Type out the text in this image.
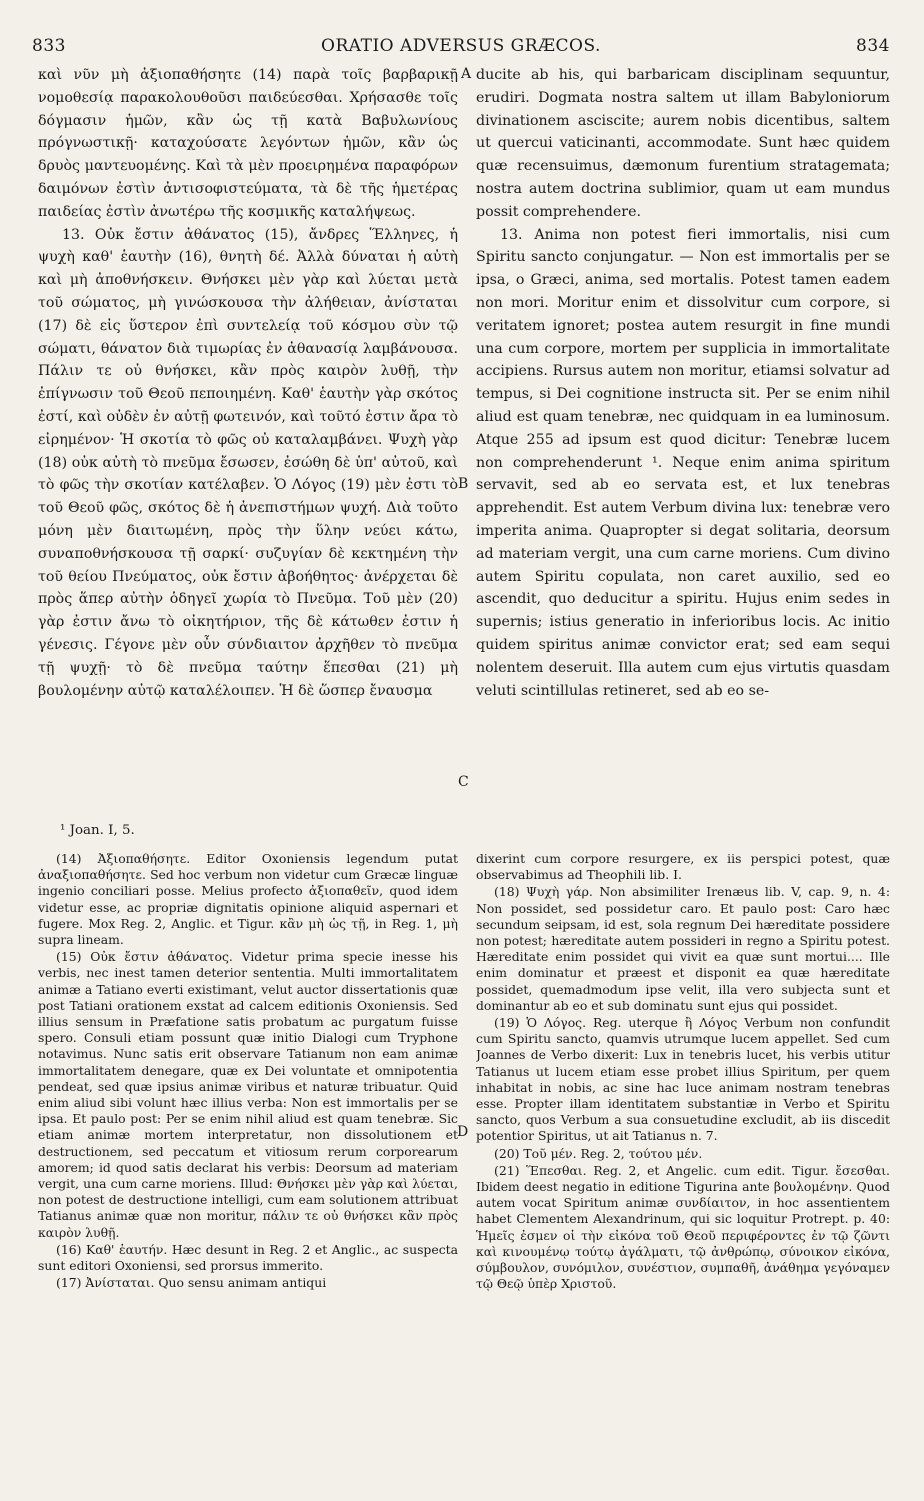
833	ORATIO ADVERSUS GRÆCOS.	834

καὶ νῦν μὴ ἀξιοπαθήσητε (14) παρὰ τοῖς βαρβαρικῇ νομοθεσίᾳ παρακολουθοῦσι παιδεύεσθαι. Χρήσασθε τοῖς δόγμασιν ἡμῶν, κἂν ὡς τῇ κατὰ Βαβυλωνίους πρόγνωστικῇ· καταχούσατε λεγόντων ἡμῶν, κἂν ὡς δρυὸς μαντευομένης. Καὶ τὰ μὲν προειρημένα παραφόρων δαιμόνων ἐστὶν ἀντισοφιστεύματα, τὰ δὲ τῆς ἡμετέρας παιδείας ἐστὶν ἀνωτέρω τῆς κοσμικῆς καταλήψεως.

13. Οὐκ ἔστιν ἀθάνατος (15), ἄνδρες Ἕλληνες, ἡ ψυχὴ καθ' ἑαυτὴν (16), θνητὴ δέ. Ἀλλὰ δύναται ἡ αὐτὴ καὶ μὴ ἀποθνήσκειν. Θνήσκει μὲν γὰρ καὶ λύεται μετὰ τοῦ σώματος, μὴ γινώσκουσα τὴν ἀλήθειαν, ἀνίσταται (17) δὲ εἰς ὕστερον ἐπὶ συντελείᾳ τοῦ κόσμου σὺν τῷ σώματι, θάνατον διὰ τιμωρίας ἐν ἀθανασίᾳ λαμβάνουσα. Πάλιν τε οὐ θνήσκει, κἂν πρὸς καιρὸν λυθῇ, τὴν ἐπίγνωσιν τοῦ Θεοῦ πεποιημένη. Καθ' ἑαυτὴν γὰρ σκότος ἐστί, καὶ οὐδὲν ἐν αὐτῇ φωτεινόν, καὶ τοῦτό ἐστιν ἄρα τὸ εἰρημένον· Ἡ σκοτία τὸ φῶς οὐ καταλαμβάνει. Ψυχὴ γὰρ (18) οὐκ αὐτὴ τὸ πνεῦμα ἔσωσεν, ἐσώθη δὲ ὑπ' αὐτοῦ, καὶ τὸ φῶς τὴν σκοτίαν κατέλαβεν. Ὁ Λόγος (19) μὲν ἐστι τὸ τοῦ Θεοῦ φῶς, σκότος δὲ ἡ ἀνεπιστήμων ψυχή. Διὰ τοῦτο μόνη μὲν διαιτωμένη, πρὸς τὴν ὕλην νεύει κάτω, συναποθνήσκουσα τῇ σαρκί· συζυγίαν δὲ κεκτημένη τὴν τοῦ θείου Πνεύματος, οὐκ ἔστιν ἀβοήθητος· ἀνέρχεται δὲ πρὸς ἅπερ αὐτὴν ὁδηγεῖ χωρία τὸ Πνεῦμα. Τοῦ μὲν (20) γὰρ ἐστιν ἄνω τὸ οἰκητήριον, τῆς δὲ κάτωθεν ἐστιν ἡ γένεσις. Γέγονε μὲν οὖν σύνδιαιτον ἀρχῆθεν τὸ πνεῦμα τῇ ψυχῇ· τὸ δὲ πνεῦμα ταύτην ἕπεσθαι (21) μὴ βουλομένην αὐτῷ καταλέλοιπεν. Ἡ δὲ ὥσπερ ἔναυσμα

ducite ab his, qui barbaricam disciplinam sequuntur, erudiri. Dogmata nostra saltem ut illam Babyloniorum divinationem asciscite; aurem nobis dicentibus, saltem ut quercui vaticinanti, accommodate. Sunt hæc quidem quæ recensuimus, dæmonum furentium stratagemata; nostra autem doctrina sublimior, quam ut eam mundus possit comprehendere.

13. Anima non potest fieri immortalis, nisi cum Spiritu sancto conjungatur. — Non est immortalis per se ipsa, o Græci, anima, sed mortalis. Potest tamen eadem non mori. Moritur enim et dissolvitur cum corpore, si veritatem ignoret; postea autem resurgit in fine mundi una cum corpore, mortem per supplicia in immortalitate accipiens. Rursus autem non moritur, etiamsi solvatur ad tempus, si Dei cognitione instructa sit. Per se enim nihil aliud est quam tenebræ, nec quidquam in ea luminosum. Atque 255 ad ipsum est quod dicitur: Tenebræ lucem non comprehenderunt ¹. Neque enim anima spiritum servavit, sed ab eo servata est, et lux tenebras apprehendit. Est autem Verbum divina lux: tenebræ vero imperita anima. Quapropter si degat solitaria, deorsum ad materiam vergit, una cum carne moriens. Cum divino autem Spiritu copulata, non caret auxilio, sed eo ascendit, quo deducitur a spiritu. Hujus enim sedes in supernis; istius generatio in inferioribus locis. Ac initio quidem spiritus animæ convictor erat; sed eam sequi nolentem deseruit. Illa autem cum ejus virtutis quasdam veluti scintillulas retineret, sed ab eo se-

A
B
C
D
¹ Joan. I, 5.

(14) Ἀξιοπαθήσητε. Editor Oxoniensis legendum putat ἀναξιοπαθήσητε. Sed hoc verbum non videtur cum Græcæ linguæ ingenio conciliari posse. Melius profecto ἀξιοπαθεῖν, quod idem videtur esse, ac propriæ dignitatis opinione aliquid aspernari et fugere. Mox Reg. 2, Anglic. et Tigur. κἂν μὴ ὡς τῇ, in Reg. 1, μὴ supra lineam.

(15) Οὐκ ἔστιν ἀθάνατος. Videtur prima specie inesse his verbis, nec inest tamen deterior sententia. Multi immortalitatem animæ a Tatiano everti existimant, velut auctor dissertationis quæ post Tatiani orationem exstat ad calcem editionis Oxoniensis. Sed illius sensum in Præfatione satis probatum ac purgatum fuisse spero. Consuli etiam possunt quæ initio Dialogi cum Tryphone notavimus. Nunc satis erit observare Tatianum non eam animæ immortalitatem denegare, quæ ex Dei voluntate et omnipotentia pendeat, sed quæ ipsius animæ viribus et naturæ tribuatur. Quid enim aliud sibi volunt hæc illius verba: Non est immortalis per se ipsa. Et paulo post: Per se enim nihil aliud est quam tenebræ. Sic etiam animæ mortem interpretatur, non dissolutionem et destructionem, sed peccatum et vitiosum rerum corporearum amorem; id quod satis declarat his verbis: Deorsum ad materiam vergit, una cum carne moriens. Illud: Θνήσκει μὲν γὰρ καὶ λύεται, non potest de destructione intelligi, cum eam solutionem attribuat Tatianus animæ quæ non moritur, πάλιν τε οὐ θνήσκει κἂν πρὸς καιρὸν λυθῇ.

(16) Καθ' ἑαυτήν. Hæc desunt in Reg. 2 et Anglic., ac suspecta sunt editori Oxoniensi, sed prorsus immerito.

(17) Ἀνίσταται. Quo sensu animam antiqui

dixerint cum corpore resurgere, ex iis perspici potest, quæ observabimus ad Theophili lib. I.

(18) Ψυχὴ γάρ. Non absimiliter Irenæus lib. V, cap. 9, n. 4: Non possidet, sed possidetur caro. Et paulo post: Caro hæc secundum seipsam, id est, sola regnum Dei hæreditate possidere non potest; hæreditate autem possideri in regno a Spiritu potest. Hæreditate enim possidet qui vivit ea quæ sunt mortui.... Ille enim dominatur et præest et disponit ea quæ hæreditate possidet, quemadmodum ipse velit, illa vero subjecta sunt et dominantur ab eo et sub dominatu sunt ejus qui possidet.

(19) Ὁ Λόγος. Reg. uterque ἢ Λόγος Verbum non confundit cum Spiritu sancto, quamvis utrumque lucem appellet. Sed cum Joannes de Verbo dixerit: Lux in tenebris lucet, his verbis utitur Tatianus ut lucem etiam esse probet illius Spiritum, per quem inhabitat in nobis, ac sine hac luce animam nostram tenebras esse. Propter illam identitatem substantiæ in Verbo et Spiritu sancto, quos Verbum a sua consuetudine excludit, ab iis discedit potentior Spiritus, ut ait Tatianus n. 7.

(20) Τοῦ μέν. Reg. 2, τούτου μέν.

(21) Ἕπεσθαι. Reg. 2, et Angelic. cum edit. Tigur. ἔσεσθαι. Ibidem deest negatio in editione Tigurina ante βουλομένην. Quod autem vocat Spiritum animæ συνδίαιτον, in hoc assentientem habet Clementem Alexandrinum, qui sic loquitur Protrept. p. 40: Ἡμεῖς ἐσμεν οἱ τὴν εἰκόνα τοῦ Θεοῦ περιφέροντες ἐν τῷ ζῶντι καὶ κινουμένῳ τούτῳ ἀγάλματι, τῷ ἀνθρώπῳ, σύνοικον εἰκόνα, σύμβουλον, συνόμιλον, συνέστιον, συμπαθῆ, ἀνάθημα γεγόναμεν τῷ Θεῷ ὑπὲρ Χριστοῦ.
